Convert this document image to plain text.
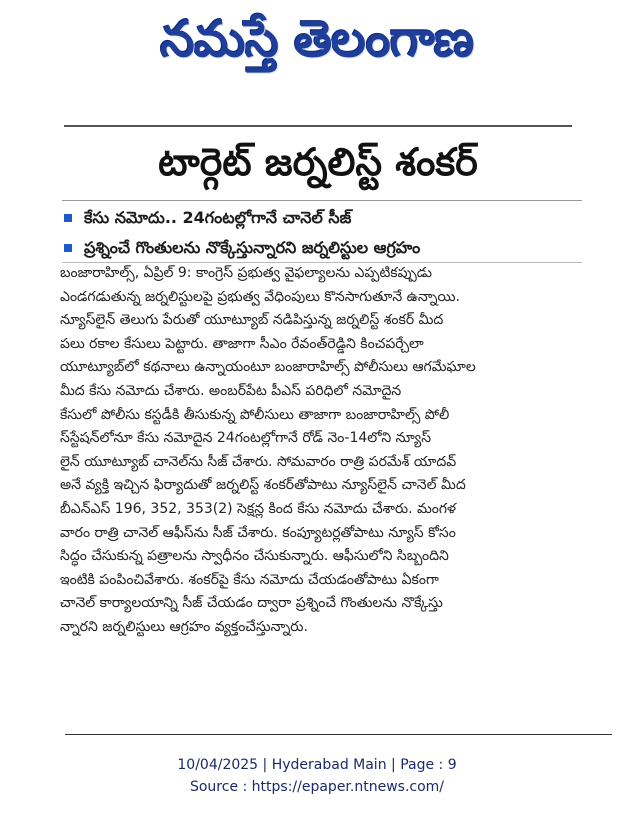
నమస్తే తెలంగాణ
టార్గెట్ జర్నలిస్ట్ శంకర్
కేసు నమోదు.. 24గంటల్లోగానే చానెల్ సీజ్
ప్రశ్నించే గొంతులను నొక్కేస్తున్నారని జర్నలిస్టుల ఆగ్రహం
బంజారాహిల్స్, ఏప్రిల్ 9: కాంగ్రెస్ ప్రభుత్వ వైఫల్యాలను ఎప్పటికప్పుడు
ఎండగడుతున్న జర్నలిస్టులపై ప్రభుత్వ వేధింపులు కొనసాగుతూనే ఉన్నాయి.
న్యూస్‌లైన్ తెలుగు పేరుతో యూట్యూబ్ నడిపిస్తున్న జర్నలిస్ట్ శంకర్ మీద
పలు రకాల కేసులు పెట్టారు. తాజాగా సీఎం రేవంత్‌రెడ్డిని కించపర్చేలా
యూట్యూబ్‌లో కథనాలు ఉన్నాయంటూ బంజారాహిల్స్ పోలీసులు ఆగమేఘాల
మీద కేసు నమోదు చేశారు. అంబర్‌పేట పీఎస్ పరిధిలో నమోదైన
కేసులో పోలీసు కస్టడీకి తీసుకున్న పోలీసులు తాజాగా బంజారాహిల్స్ పోలీ
స్‌స్టేషన్‌లోనూ కేసు నమోదైన 24గంటల్లోగానే రోడ్ నెం-14లోని న్యూస్
లైన్ యూట్యూబ్ చానెల్‌ను సీజ్ చేశారు. సోమవారం రాత్రి పరమేశ్ యాదవ్
అనే వ్యక్తి ఇచ్చిన ఫిర్యాదుతో జర్నలిస్ట్ శంకర్‌తోపాటు న్యూస్‌లైన్ చానెల్ మీద
బీఎన్ఎస్ 196, 352, 353(2) సెక్షన్ల కింద కేసు నమోదు చేశారు. మంగళ
వారం రాత్రి చానెల్ ఆఫీస్‌ను సీజ్ చేశారు. కంప్యూటర్లతోపాటు న్యూస్ కోసం
సిద్ధం చేసుకున్న పత్రాలను స్వాధీనం చేసుకున్నారు. ఆఫీసులోని సిబ్బందిని
ఇంటికి పంపించివేశారు. శంకర్‌పై కేసు నమోదు చేయడంతోపాటు ఏకంగా
చానెల్ కార్యాలయాన్ని సీజ్ చేయడం ద్వారా ప్రశ్నించే గొంతులను నొక్కేస్తు
న్నారని జర్నలిస్టులు ఆగ్రహం వ్యక్తంచేస్తున్నారు.
10/04/2025 | Hyderabad Main | Page : 9
Source : https://epaper.ntnews.com/
